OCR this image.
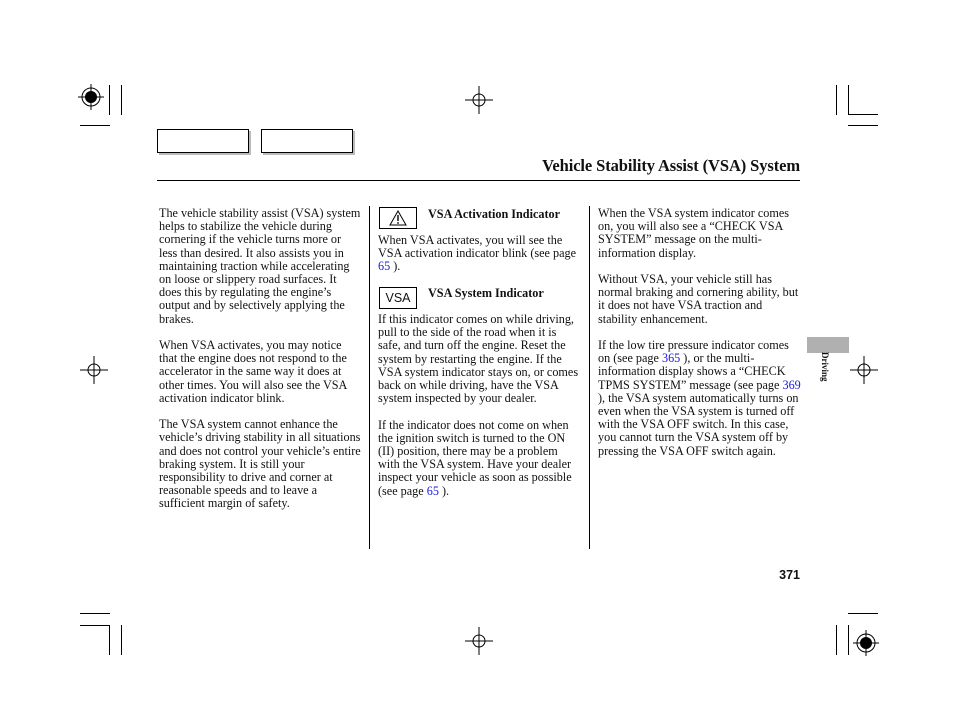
Vehicle Stability Assist (VSA) System

The vehicle stability assist (VSA) system helps to stabilize the vehicle during cornering if the vehicle turns more or less than desired. It also assists you in maintaining traction while accelerating on loose or slippery road surfaces. It does this by regulating the engine’s output and by selectively applying the brakes.

When VSA activates, you may notice that the engine does not respond to the accelerator in the same way it does at other times. You will also see the VSA activation indicator blink.

The VSA system cannot enhance the vehicle’s driving stability in all situations and does not control your vehicle’s entire braking system. It is still your responsibility to drive and corner at reasonable speeds and to leave a sufficient margin of safety.

VSA Activation Indicator
When VSA activates, you will see the VSA activation indicator blink (see page 65 ).
VSA VSA System Indicator

If this indicator comes on while driving, pull to the side of the road when it is safe, and turn off the engine. Reset the system by restarting the engine. If the VSA system indicator stays on, or comes back on while driving, have the VSA system inspected by your dealer.

If the indicator does not come on when the ignition switch is turned to the ON (II) position, there may be a problem with the VSA system. Have your dealer inspect your vehicle as soon as possible (see page 65 ).

When the VSA system indicator comes on, you will also see a “CHECK VSA SYSTEM” message on the multi-information display.

Without VSA, your vehicle still has normal braking and cornering ability, but it does not have VSA traction and stability enhancement.

If the low tire pressure indicator comes on (see page 365 ), or the multi-information display shows a “CHECK TPMS SYSTEM” message (see page 369 ), the VSA system automatically turns on even when the VSA system is turned off with the VSA OFF switch. In this case, you cannot turn the VSA system off by pressing the VSA OFF switch again.

Driving
371
